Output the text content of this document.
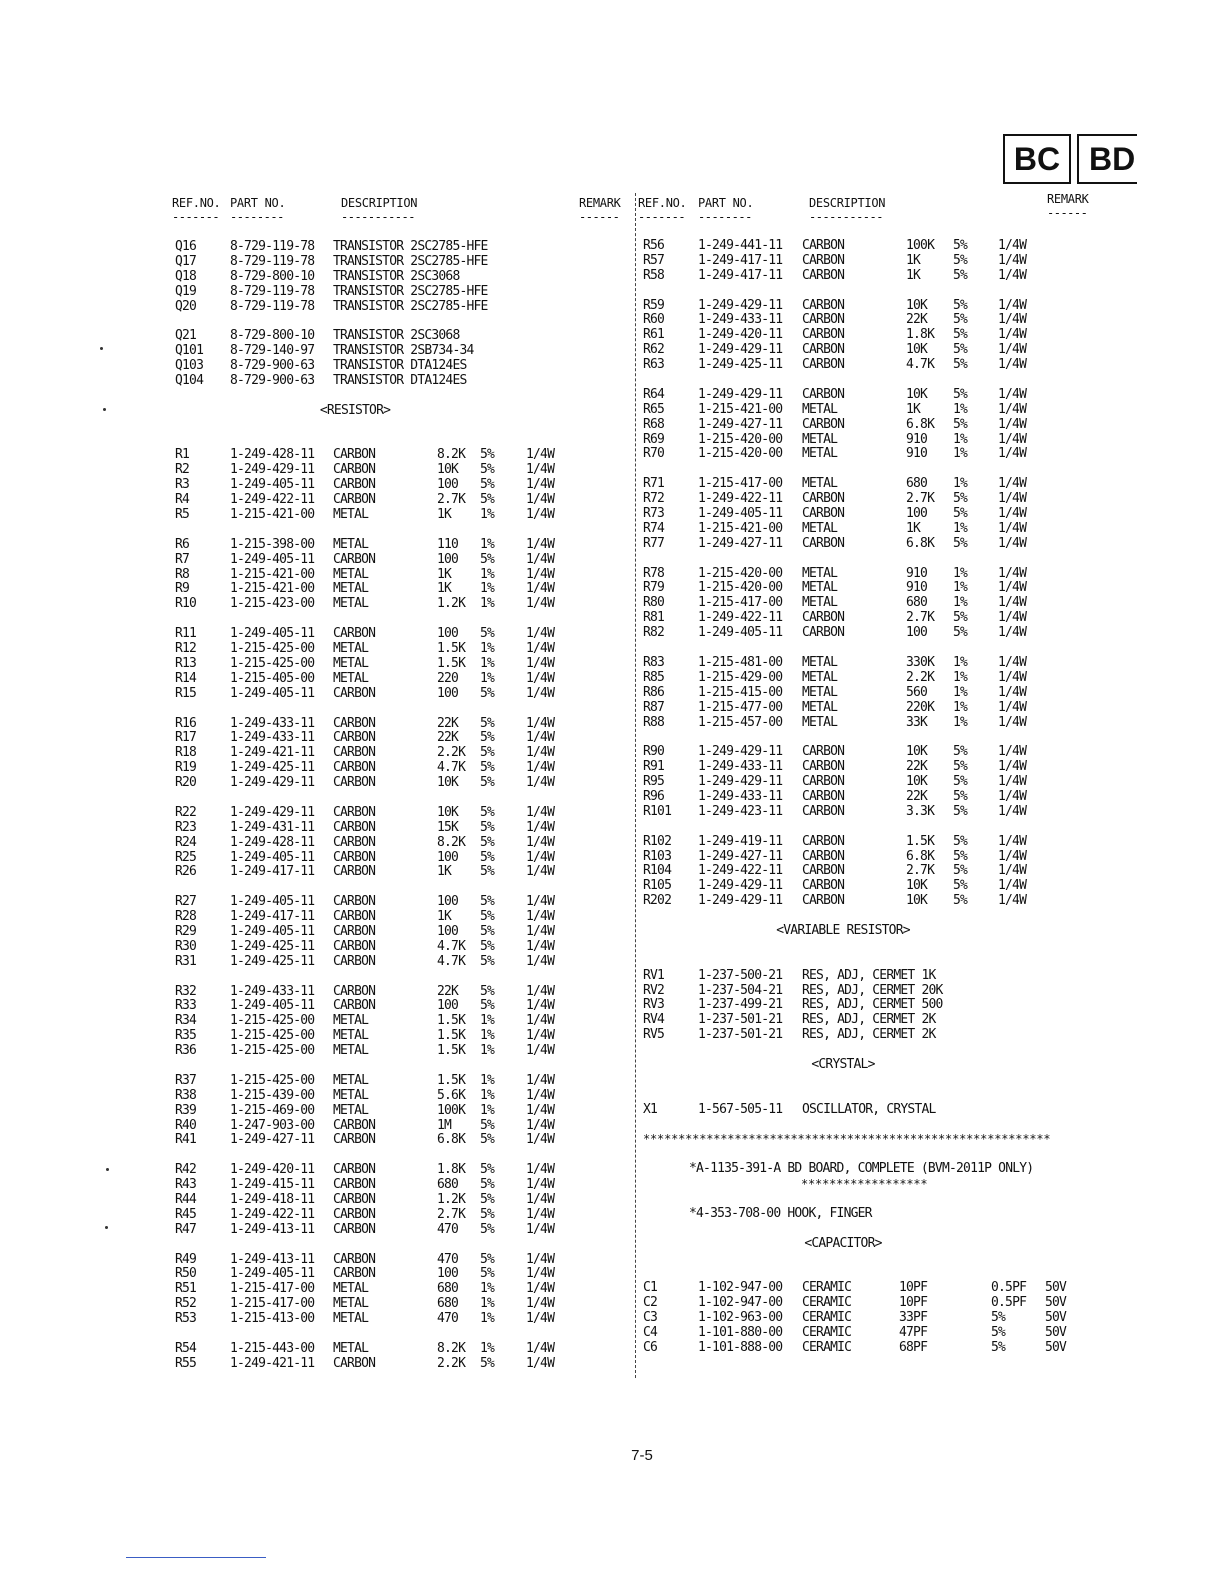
BC BD
REF.NO. PART NO.	DESCRIPTION	REMARK
------- --------	-----------	------
REF.NO. PART NO.	DESCRIPTION	REMARK
------- --------	-----------	------
Q16	8-729-119-78	TRANSISTOR 2SC2785-HFE
Q17	8-729-119-78	TRANSISTOR 2SC2785-HFE
Q18	8-729-800-10	TRANSISTOR 2SC3068
Q19	8-729-119-78	TRANSISTOR 2SC2785-HFE
Q20	8-729-119-78	TRANSISTOR 2SC2785-HFE
Q21	8-729-800-10	TRANSISTOR 2SC3068
Q101	8-729-140-97	TRANSISTOR 2SB734-34
Q103	8-729-900-63	TRANSISTOR DTA124ES
Q104	8-729-900-63	TRANSISTOR DTA124ES
<RESISTOR>
R1	1-249-428-11	CARBON	8.2K	5%	1/4W
R2	1-249-429-11	CARBON	10K	5%	1/4W
R3	1-249-405-11	CARBON	100	5%	1/4W
R4	1-249-422-11	CARBON	2.7K	5%	1/4W
R5	1-215-421-00	METAL	1K	1%	1/4W
R6	1-215-398-00	METAL	110	1%	1/4W
R7	1-249-405-11	CARBON	100	5%	1/4W
R8	1-215-421-00	METAL	1K	1%	1/4W
R9	1-215-421-00	METAL	1K	1%	1/4W
R10	1-215-423-00	METAL	1.2K	1%	1/4W
R11	1-249-405-11	CARBON	100	5%	1/4W
R12	1-215-425-00	METAL	1.5K	1%	1/4W
R13	1-215-425-00	METAL	1.5K	1%	1/4W
R14	1-215-405-00	METAL	220	1%	1/4W
R15	1-249-405-11	CARBON	100	5%	1/4W
R16	1-249-433-11	CARBON	22K	5%	1/4W
R17	1-249-433-11	CARBON	22K	5%	1/4W
R18	1-249-421-11	CARBON	2.2K	5%	1/4W
R19	1-249-425-11	CARBON	4.7K	5%	1/4W
R20	1-249-429-11	CARBON	10K	5%	1/4W
R22	1-249-429-11	CARBON	10K	5%	1/4W
R23	1-249-431-11	CARBON	15K	5%	1/4W
R24	1-249-428-11	CARBON	8.2K	5%	1/4W
R25	1-249-405-11	CARBON	100	5%	1/4W
R26	1-249-417-11	CARBON	1K	5%	1/4W
R27	1-249-405-11	CARBON	100	5%	1/4W
R28	1-249-417-11	CARBON	1K	5%	1/4W
R29	1-249-405-11	CARBON	100	5%	1/4W
R30	1-249-425-11	CARBON	4.7K	5%	1/4W
R31	1-249-425-11	CARBON	4.7K	5%	1/4W
R32	1-249-433-11	CARBON	22K	5%	1/4W
R33	1-249-405-11	CARBON	100	5%	1/4W
R34	1-215-425-00	METAL	1.5K	1%	1/4W
R35	1-215-425-00	METAL	1.5K	1%	1/4W
R36	1-215-425-00	METAL	1.5K	1%	1/4W
R37	1-215-425-00	METAL	1.5K	1%	1/4W
R38	1-215-439-00	METAL	5.6K	1%	1/4W
R39	1-215-469-00	METAL	100K	1%	1/4W
R40	1-247-903-00	CARBON	1M	5%	1/4W
R41	1-249-427-11	CARBON	6.8K	5%	1/4W
R42	1-249-420-11	CARBON	1.8K	5%	1/4W
R43	1-249-415-11	CARBON	680	5%	1/4W
R44	1-249-418-11	CARBON	1.2K	5%	1/4W
R45	1-249-422-11	CARBON	2.7K	5%	1/4W
R47	1-249-413-11	CARBON	470	5%	1/4W
R49	1-249-413-11	CARBON	470	5%	1/4W
R50	1-249-405-11	CARBON	100	5%	1/4W
R51	1-215-417-00	METAL	680	1%	1/4W
R52	1-215-417-00	METAL	680	1%	1/4W
R53	1-215-413-00	METAL	470	1%	1/4W
R54	1-215-443-00	METAL	8.2K	1%	1/4W
R55	1-249-421-11	CARBON	2.2K	5%	1/4W
R56	1-249-441-11	CARBON	100K	5%	1/4W
R57	1-249-417-11	CARBON	1K	5%	1/4W
R58	1-249-417-11	CARBON	1K	5%	1/4W
R59	1-249-429-11	CARBON	10K	5%	1/4W
R60	1-249-433-11	CARBON	22K	5%	1/4W
R61	1-249-420-11	CARBON	1.8K	5%	1/4W
R62	1-249-429-11	CARBON	10K	5%	1/4W
R63	1-249-425-11	CARBON	4.7K	5%	1/4W
R64	1-249-429-11	CARBON	10K	5%	1/4W
R65	1-215-421-00	METAL	1K	1%	1/4W
R68	1-249-427-11	CARBON	6.8K	5%	1/4W
R69	1-215-420-00	METAL	910	1%	1/4W
R70	1-215-420-00	METAL	910	1%	1/4W
R71	1-215-417-00	METAL	680	1%	1/4W
R72	1-249-422-11	CARBON	2.7K	5%	1/4W
R73	1-249-405-11	CARBON	100	5%	1/4W
R74	1-215-421-00	METAL	1K	1%	1/4W
R77	1-249-427-11	CARBON	6.8K	5%	1/4W
R78	1-215-420-00	METAL	910	1%	1/4W
R79	1-215-420-00	METAL	910	1%	1/4W
R80	1-215-417-00	METAL	680	1%	1/4W
R81	1-249-422-11	CARBON	2.7K	5%	1/4W
R82	1-249-405-11	CARBON	100	5%	1/4W
R83	1-215-481-00	METAL	330K	1%	1/4W
R85	1-215-429-00	METAL	2.2K	1%	1/4W
R86	1-215-415-00	METAL	560	1%	1/4W
R87	1-215-477-00	METAL	220K	1%	1/4W
R88	1-215-457-00	METAL	33K	1%	1/4W
R90	1-249-429-11	CARBON	10K	5%	1/4W
R91	1-249-433-11	CARBON	22K	5%	1/4W
R95	1-249-429-11	CARBON	10K	5%	1/4W
R96	1-249-433-11	CARBON	22K	5%	1/4W
R101	1-249-423-11	CARBON	3.3K	5%	1/4W
R102	1-249-419-11	CARBON	1.5K	5%	1/4W
R103	1-249-427-11	CARBON	6.8K	5%	1/4W
R104	1-249-422-11	CARBON	2.7K	5%	1/4W
R105	1-249-429-11	CARBON	10K	5%	1/4W
R202	1-249-429-11	CARBON	10K	5%	1/4W
<VARIABLE RESISTOR>
RV1	1-237-500-21	RES, ADJ, CERMET 1K
RV2	1-237-504-21	RES, ADJ, CERMET 20K
RV3	1-237-499-21	RES, ADJ, CERMET 500
RV4	1-237-501-21	RES, ADJ, CERMET 2K
RV5	1-237-501-21	RES, ADJ, CERMET 2K
<CRYSTAL>
X1	1-567-505-11	OSCILLATOR, CRYSTAL
**********************************************************
*A-1135-391-A BD BOARD, COMPLETE (BVM-2011P ONLY)
******************
*4-353-708-00 HOOK, FINGER
<CAPACITOR>
C1	1-102-947-00	CERAMIC	10PF	0.5PF	50V
C2	1-102-947-00	CERAMIC	10PF	0.5PF	50V
C3	1-102-963-00	CERAMIC	33PF	5%	50V
C4	1-101-880-00	CERAMIC	47PF	5%	50V
C6	1-101-888-00	CERAMIC	68PF	5%	50V
7-5
